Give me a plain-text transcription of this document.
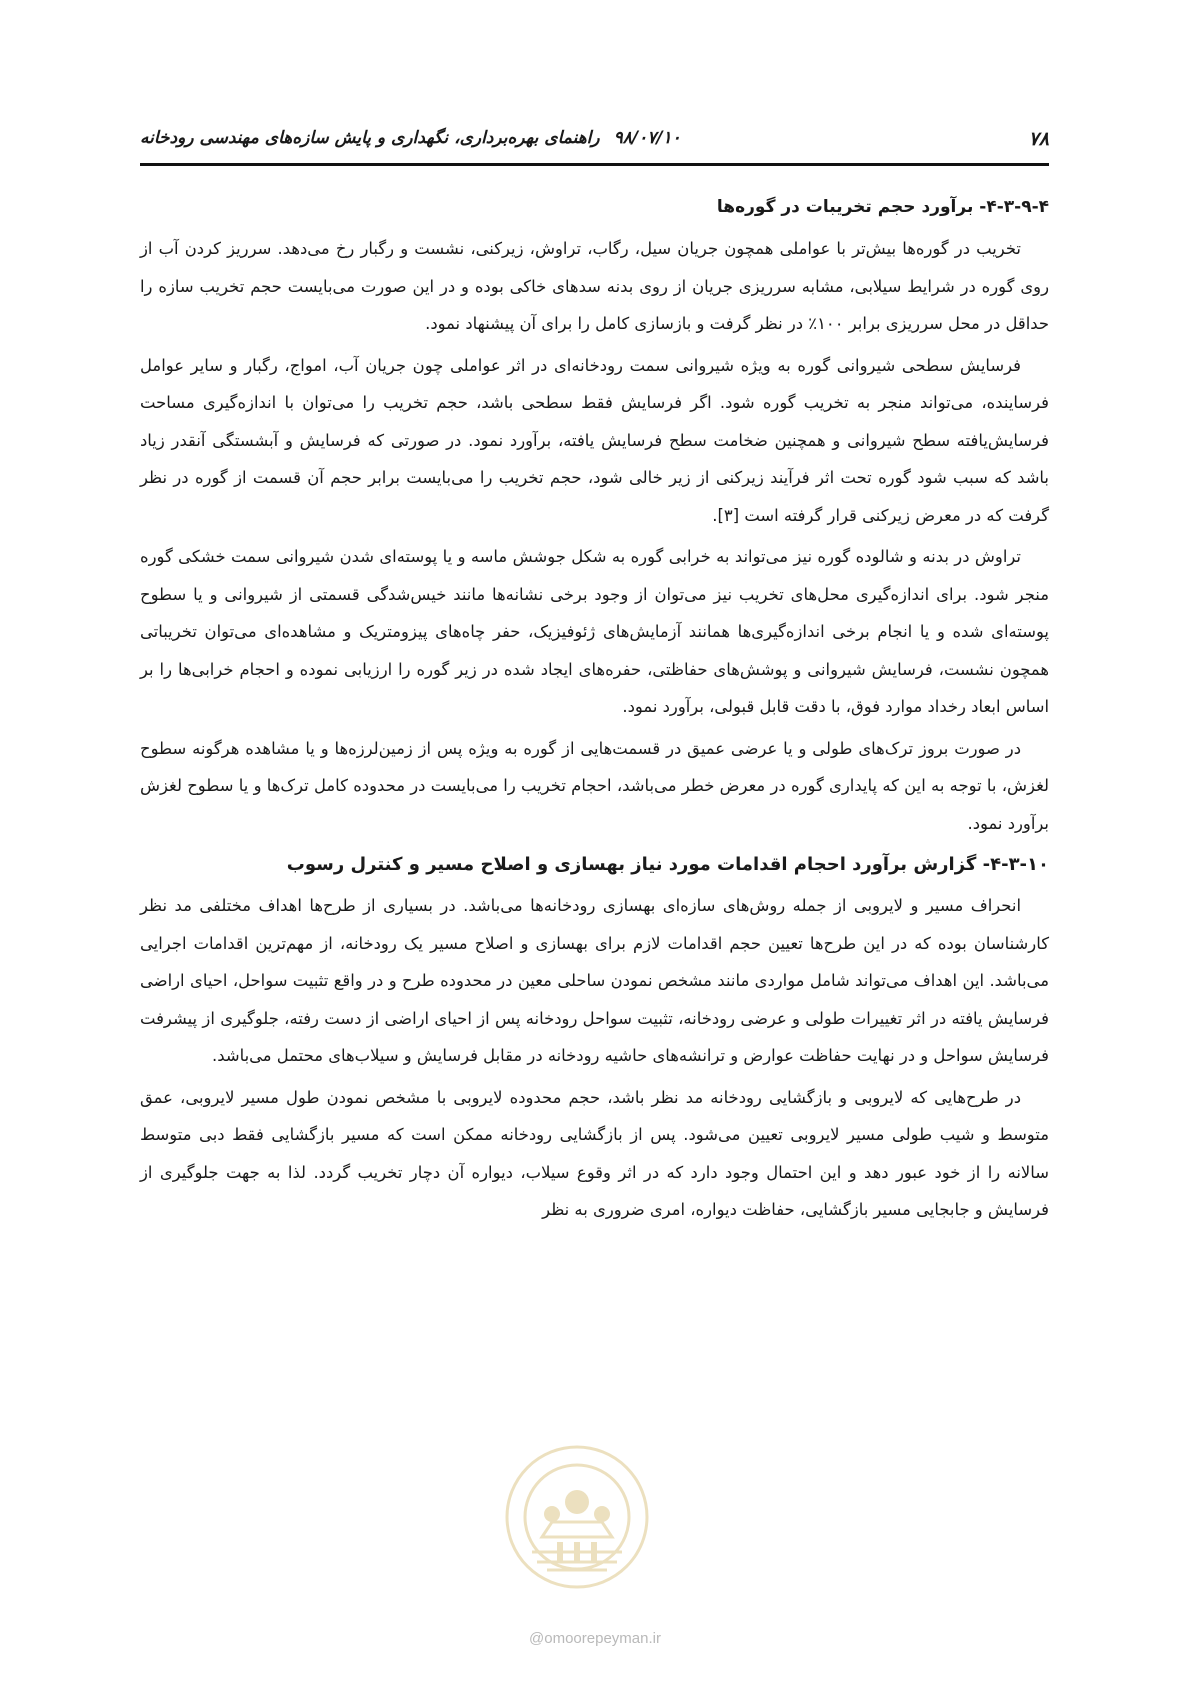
۷۸
۹۸/۰۷/۱۰راهنمای بهره‌برداری، نگهداری و پایش سازه‌های مهندسی رودخانه
۴-۳-۹-۴- برآورد حجم تخریبات در گوره‌ها

تخریب در گوره‌ها بیش‌تر با عواملی همچون جریان سیل، رگاب، تراوش، زیرکنی، نشست و رگبار رخ می‌دهد. سرریز کردن آب از روی گوره در شرایط سیلابی، مشابه سرریزی جریان از روی بدنه سدهای خاکی بوده و در این صورت می‌بایست حجم تخریب سازه را حداقل در محل سرریزی برابر ۱۰۰٪ در نظر گرفت و بازسازی کامل را برای آن پیشنهاد نمود.

فرسایش سطحی شیروانی گوره به ویژه شیروانی سمت رودخانه‌ای در اثر عواملی چون جریان آب، امواج، رگبار و سایر عوامل فرساینده، می‌تواند منجر به تخریب گوره شود. اگر فرسایش فقط سطحی باشد، حجم تخریب را می‌توان با اندازه‌گیری مساحت فرسایش‌یافته سطح شیروانی و همچنین ضخامت سطح فرسایش یافته، برآورد نمود. در صورتی که فرسایش و آبشستگی آنقدر زیاد باشد که سبب شود گوره تحت اثر فرآیند زیرکنی از زیر خالی شود، حجم تخریب را می‌بایست برابر حجم آن قسمت از گوره در نظر گرفت که در معرض زیرکنی قرار گرفته است [۳].

تراوش در بدنه و شالوده گوره نیز می‌تواند به خرابی گوره به شکل جوشش ماسه و یا پوسته‌ای شدن شیروانی سمت خشکی گوره منجر شود. برای اندازه‌گیری محل‌های تخریب نیز می‌توان از وجود برخی نشانه‌ها مانند خیس‌شدگی قسمتی از شیروانی و یا سطوح پوسته‌ای شده و یا انجام برخی اندازه‌گیری‌ها همانند آزمایش‌های ژئوفیزیک، حفر چاه‌های پیزومتریک و مشاهده‌ای می‌توان تخریباتی همچون نشست، فرسایش شیروانی و پوشش‌های حفاظتی، حفره‌های ایجاد شده در زیر گوره را ارزیابی نموده و احجام خرابی‌ها را بر اساس ابعاد رخداد موارد فوق، با دقت قابل قبولی، برآورد نمود.

در صورت بروز ترک‌های طولی و یا عرضی عمیق در قسمت‌هایی از گوره به ویژه پس از زمین‌لرزه‌ها و یا مشاهده هرگونه سطوح لغزش، با توجه به این که پایداری گوره در معرض خطر می‌باشد، احجام تخریب را می‌بایست در محدوده کامل ترک‌ها و یا سطوح لغزش برآورد نمود.

۴-۳-۱۰- گزارش برآورد احجام اقدامات مورد نیاز بهسازی و اصلاح مسیر و کنترل رسوب

انحراف مسیر و لایروبی از جمله روش‌های سازه‌ای بهسازی رودخانه‌ها می‌باشد. در بسیاری از طرح‌ها اهداف مختلفی مد نظر کارشناسان بوده که در این طرح‌ها تعیین حجم اقدامات لازم برای بهسازی و اصلاح مسیر یک رودخانه، از مهم‌ترین اقدامات اجرایی می‌باشد. این اهداف می‌تواند شامل مواردی مانند مشخص نمودن ساحلی معین در محدوده طرح و در واقع تثبیت سواحل، احیای اراضی فرسایش یافته در اثر تغییرات طولی و عرضی رودخانه، تثبیت سواحل رودخانه پس از احیای اراضی از دست رفته، جلوگیری از پیشرفت فرسایش سواحل و در نهایت حفاظت عوارض و ترانشه‌های حاشیه رودخانه در مقابل فرسایش و سیلاب‌های محتمل می‌باشد.

در طرح‌هایی که لایروبی و بازگشایی رودخانه مد نظر باشد، حجم محدوده لایروبی با مشخص نمودن طول مسیر لایروبی، عمق متوسط و شیب طولی مسیر لایروبی تعیین می‌شود. پس از بازگشایی رودخانه ممکن است که مسیر بازگشایی فقط دبی متوسط سالانه را از خود عبور دهد و این احتمال وجود دارد که در اثر وقوع سیلاب، دیواره آن دچار تخریب گردد. لذا به جهت جلوگیری از فرسایش و جابجایی مسیر بازگشایی، حفاظت دیواره، امری ضروری به نظر

@omoorepeyman.ir
